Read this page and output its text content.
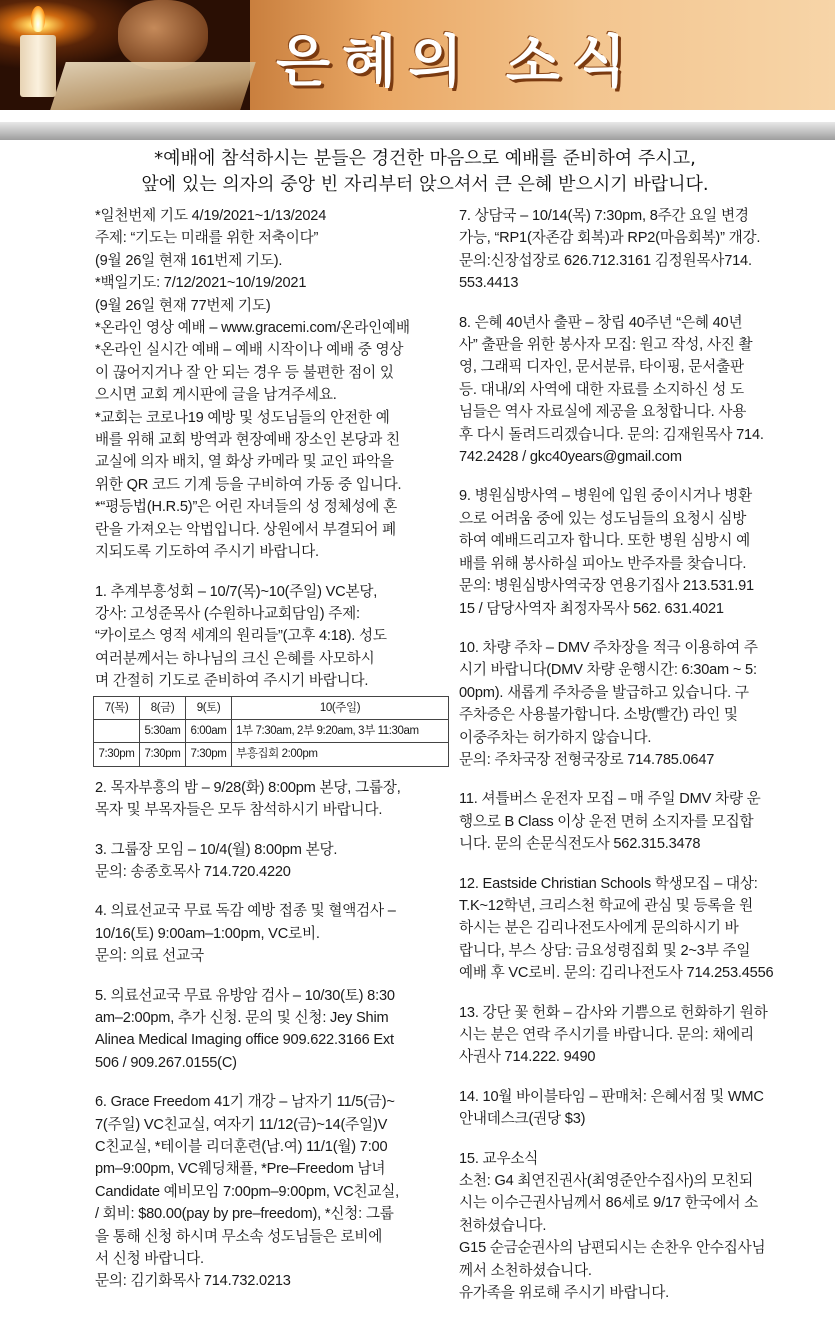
은혜의 소식
*예배에 참석하시는 분들은 경건한 마음으로 예배를 준비하여 주시고,
앞에 있는 의자의 중앙 빈 자리부터 앉으셔서 큰 은혜 받으시기 바랍니다.
*일천번제 기도 4/19/2021~1/13/2024
주제: “기도는 미래를 위한 저축이다”
(9월 26일 현재 161번제 기도).
*백일기도: 7/12/2021~10/19/2021
(9월 26일 현재 77번제 기도)
*온라인 영상 예배 – www.gracemi.com/온라인예배
*온라인 실시간 예배 – 예배 시작이나 예배 중 영상
이 끊어지거나 잘 안 되는 경우 등 불편한 점이 있
으시면 교회 게시판에 글을 남겨주세요.
*교회는 코로나19 예방 및 성도님들의 안전한 예
배를 위해 교회 방역과 현장예배 장소인 본당과 친
교실에 의자 배치, 열 화상 카메라 및 교인 파악을
위한 QR 코드 기계 등을 구비하여 가동 중 입니다.
*“평등법(H.R.5)”은 어린 자녀들의 성 정체성에 혼
란을 가져오는 악법입니다. 상원에서 부결되어 폐
지되도록 기도하여 주시기 바랍니다.
1. 추계부흥성회 – 10/7(목)~10(주일) VC본당,
강사: 고성준목사 (수원하나교회담임) 주제:
“카이로스 영적 세계의 원리들”(고후 4:18). 성도
여러분께서는 하나님의 크신 은혜를 사모하시
며 간절히 기도로 준비하여 주시기 바랍니다.
7(목)	8(금)	9(토)	10(주일)
	5:30am	6:00am	1부 7:30am, 2부 9:20am, 3부 11:30am
7:30pm	7:30pm	7:30pm	부흥집회 2:00pm
2. 목자부흥의 밤 – 9/28(화) 8:00pm 본당, 그룹장,
목자 및 부목자들은 모두 참석하시기 바랍니다.
3. 그룹장 모임 – 10/4(월) 8:00pm 본당.
문의: 송종호목사 714.720.4220
4. 의료선교국 무료 독감 예방 접종 및 혈액검사 –
10/16(토) 9:00am–1:00pm, VC로비.
문의: 의료 선교국
5. 의료선교국 무료 유방암 검사 – 10/30(토) 8:30
am–2:00pm, 추가 신청. 문의 및 신청: Jey Shim
Alinea Medical Imaging office 909.622.3166 Ext
506 / 909.267.0155(C)
6. Grace Freedom 41기 개강 – 남자기 11/5(금)~
7(주일) VC친교실, 여자기 11/12(금)~14(주일)V
C친교실, *테이블 리더훈련(남.여) 11/1(월) 7:00
pm–9:00pm, VC웨딩채플, *Pre–Freedom 남녀
Candidate 예비모임 7:00pm–9:00pm, VC친교실,
/ 회비: $80.00(pay by pre–freedom), *신청: 그룹
을 통해 신청 하시며 무소속 성도님들은 로비에
서 신청 바랍니다.
문의: 김기화목사 714.732.0213
7. 상담국 – 10/14(목) 7:30pm, 8주간 요일 변경
가능, “RP1(자존감 회복)과 RP2(마음회복)” 개강.
문의:신장섭장로 626.712.3161 김정원목사714.
553.4413
8. 은혜 40년사 출판 – 창립 40주년 “은혜 40년
사” 출판을 위한 봉사자 모집: 원고 작성, 사진 촬
영, 그래픽 디자인, 문서분류, 타이핑, 문서출판
등. 대내/외 사역에 대한 자료를 소지하신 성 도
님들은 역사 자료실에 제공을 요청합니다. 사용
후 다시 돌려드리겠습니다. 문의: 김재원목사 714.
742.2428 / gkc40years@gmail.com
9. 병원심방사역 – 병원에 입원 중이시거나 병환
으로 어려움 중에 있는 성도님들의 요청시 심방
하여 예배드리고자 합니다. 또한 병원 심방시 예
배를 위해 봉사하실 피아노 반주자를 찾습니다.
문의: 병원심방사역국장 연용기집사 213.531.91
15 / 담당사역자 최정자목사 562. 631.4021
10. 차량 주차 – DMV 주차장을 적극 이용하여 주
시기 바랍니다(DMV 차량 운행시간: 6:30am ~ 5:
00pm). 새롭게 주차증을 발급하고 있습니다. 구
주차증은 사용불가합니다. 소방(빨간) 라인 및
이중주차는 허가하지 않습니다.
문의: 주차국장 전형국장로 714.785.0647
11. 셔틀버스 운전자 모집 – 매 주일 DMV 차량 운
행으로 B Class 이상 운전 면허 소지자를 모집합
니다. 문의 손문식전도사 562.315.3478
12. Eastside Christian Schools 학생모집 – 대상:
T.K~12학년, 크리스천 학교에 관심 및 등록을 원
하시는 분은 김리나전도사에게 문의하시기 바
랍니다, 부스 상담: 금요성령집회 및 2~3부 주일
예배 후 VC로비. 문의: 김리나전도사 714.253.4556
13. 강단 꽃 헌화 – 감사와 기쁨으로 헌화하기 원하
시는 분은 연락 주시기를 바랍니다. 문의: 채에리
사권사 714.222. 9490
14. 10월 바이블타임 – 판매처: 은혜서점 및 WMC
안내데스크(권당 $3)
15. 교우소식
소천: G4 최연진권사(최영준안수집사)의 모친되
시는 이수근권사님께서 86세로 9/17 한국에서 소
천하셨습니다.
G15 순금순권사의 남편되시는 손찬우 안수집사님
께서 소천하셨습니다.
유가족을 위로해 주시기 바랍니다.
